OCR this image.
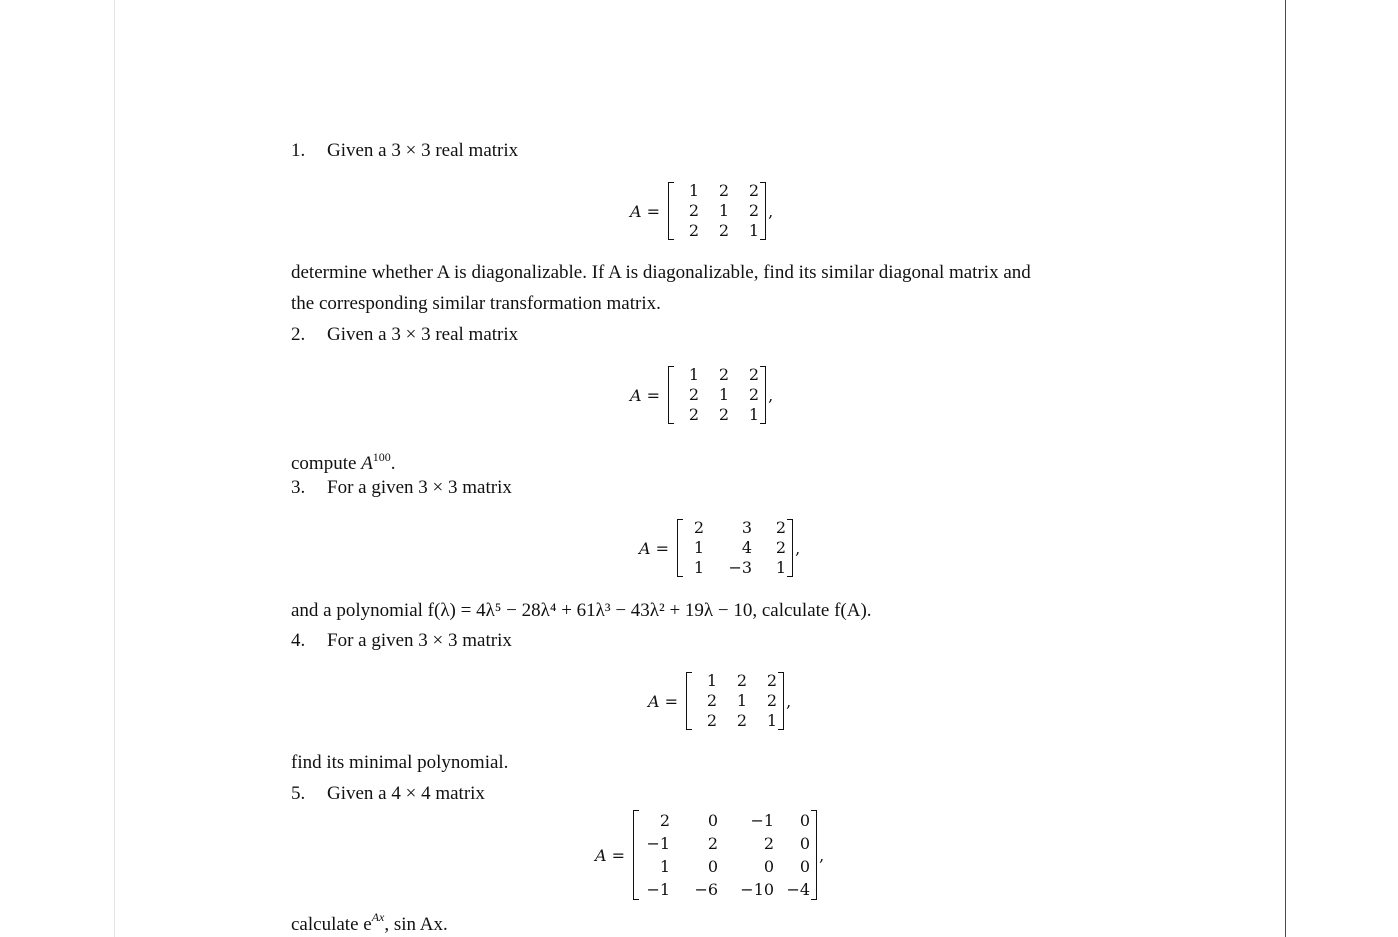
1. Given a 3 × 3 real matrix
A =
1	2	2
2	1	2
2	2	1
,
determine whether A is diagonalizable. If A is diagonalizable, find its similar diagonal matrix and
the corresponding similar transformation matrix.
2. Given a 3 × 3 real matrix
A =
1	2	2
2	1	2
2	2	1
,
compute $A^{100}$.
3. For a given 3 × 3 matrix
A =
2	3	2
1	4	2
1	−3	1
,
and a polynomial f(λ) = 4λ⁵ − 28λ⁴ + 61λ³ − 43λ² + 19λ − 10, calculate f(A).
4. For a given 3 × 3 matrix
A =
1	2	2
2	1	2
2	2	1
,
find its minimal polynomial.
5. Given a 4 × 4 matrix
A =
2	0	−1	0
−1	2	2	0
1	0	0	0
−1	−6	−10 −4
,
calculate $e^{Ax}$, sin Ax.
